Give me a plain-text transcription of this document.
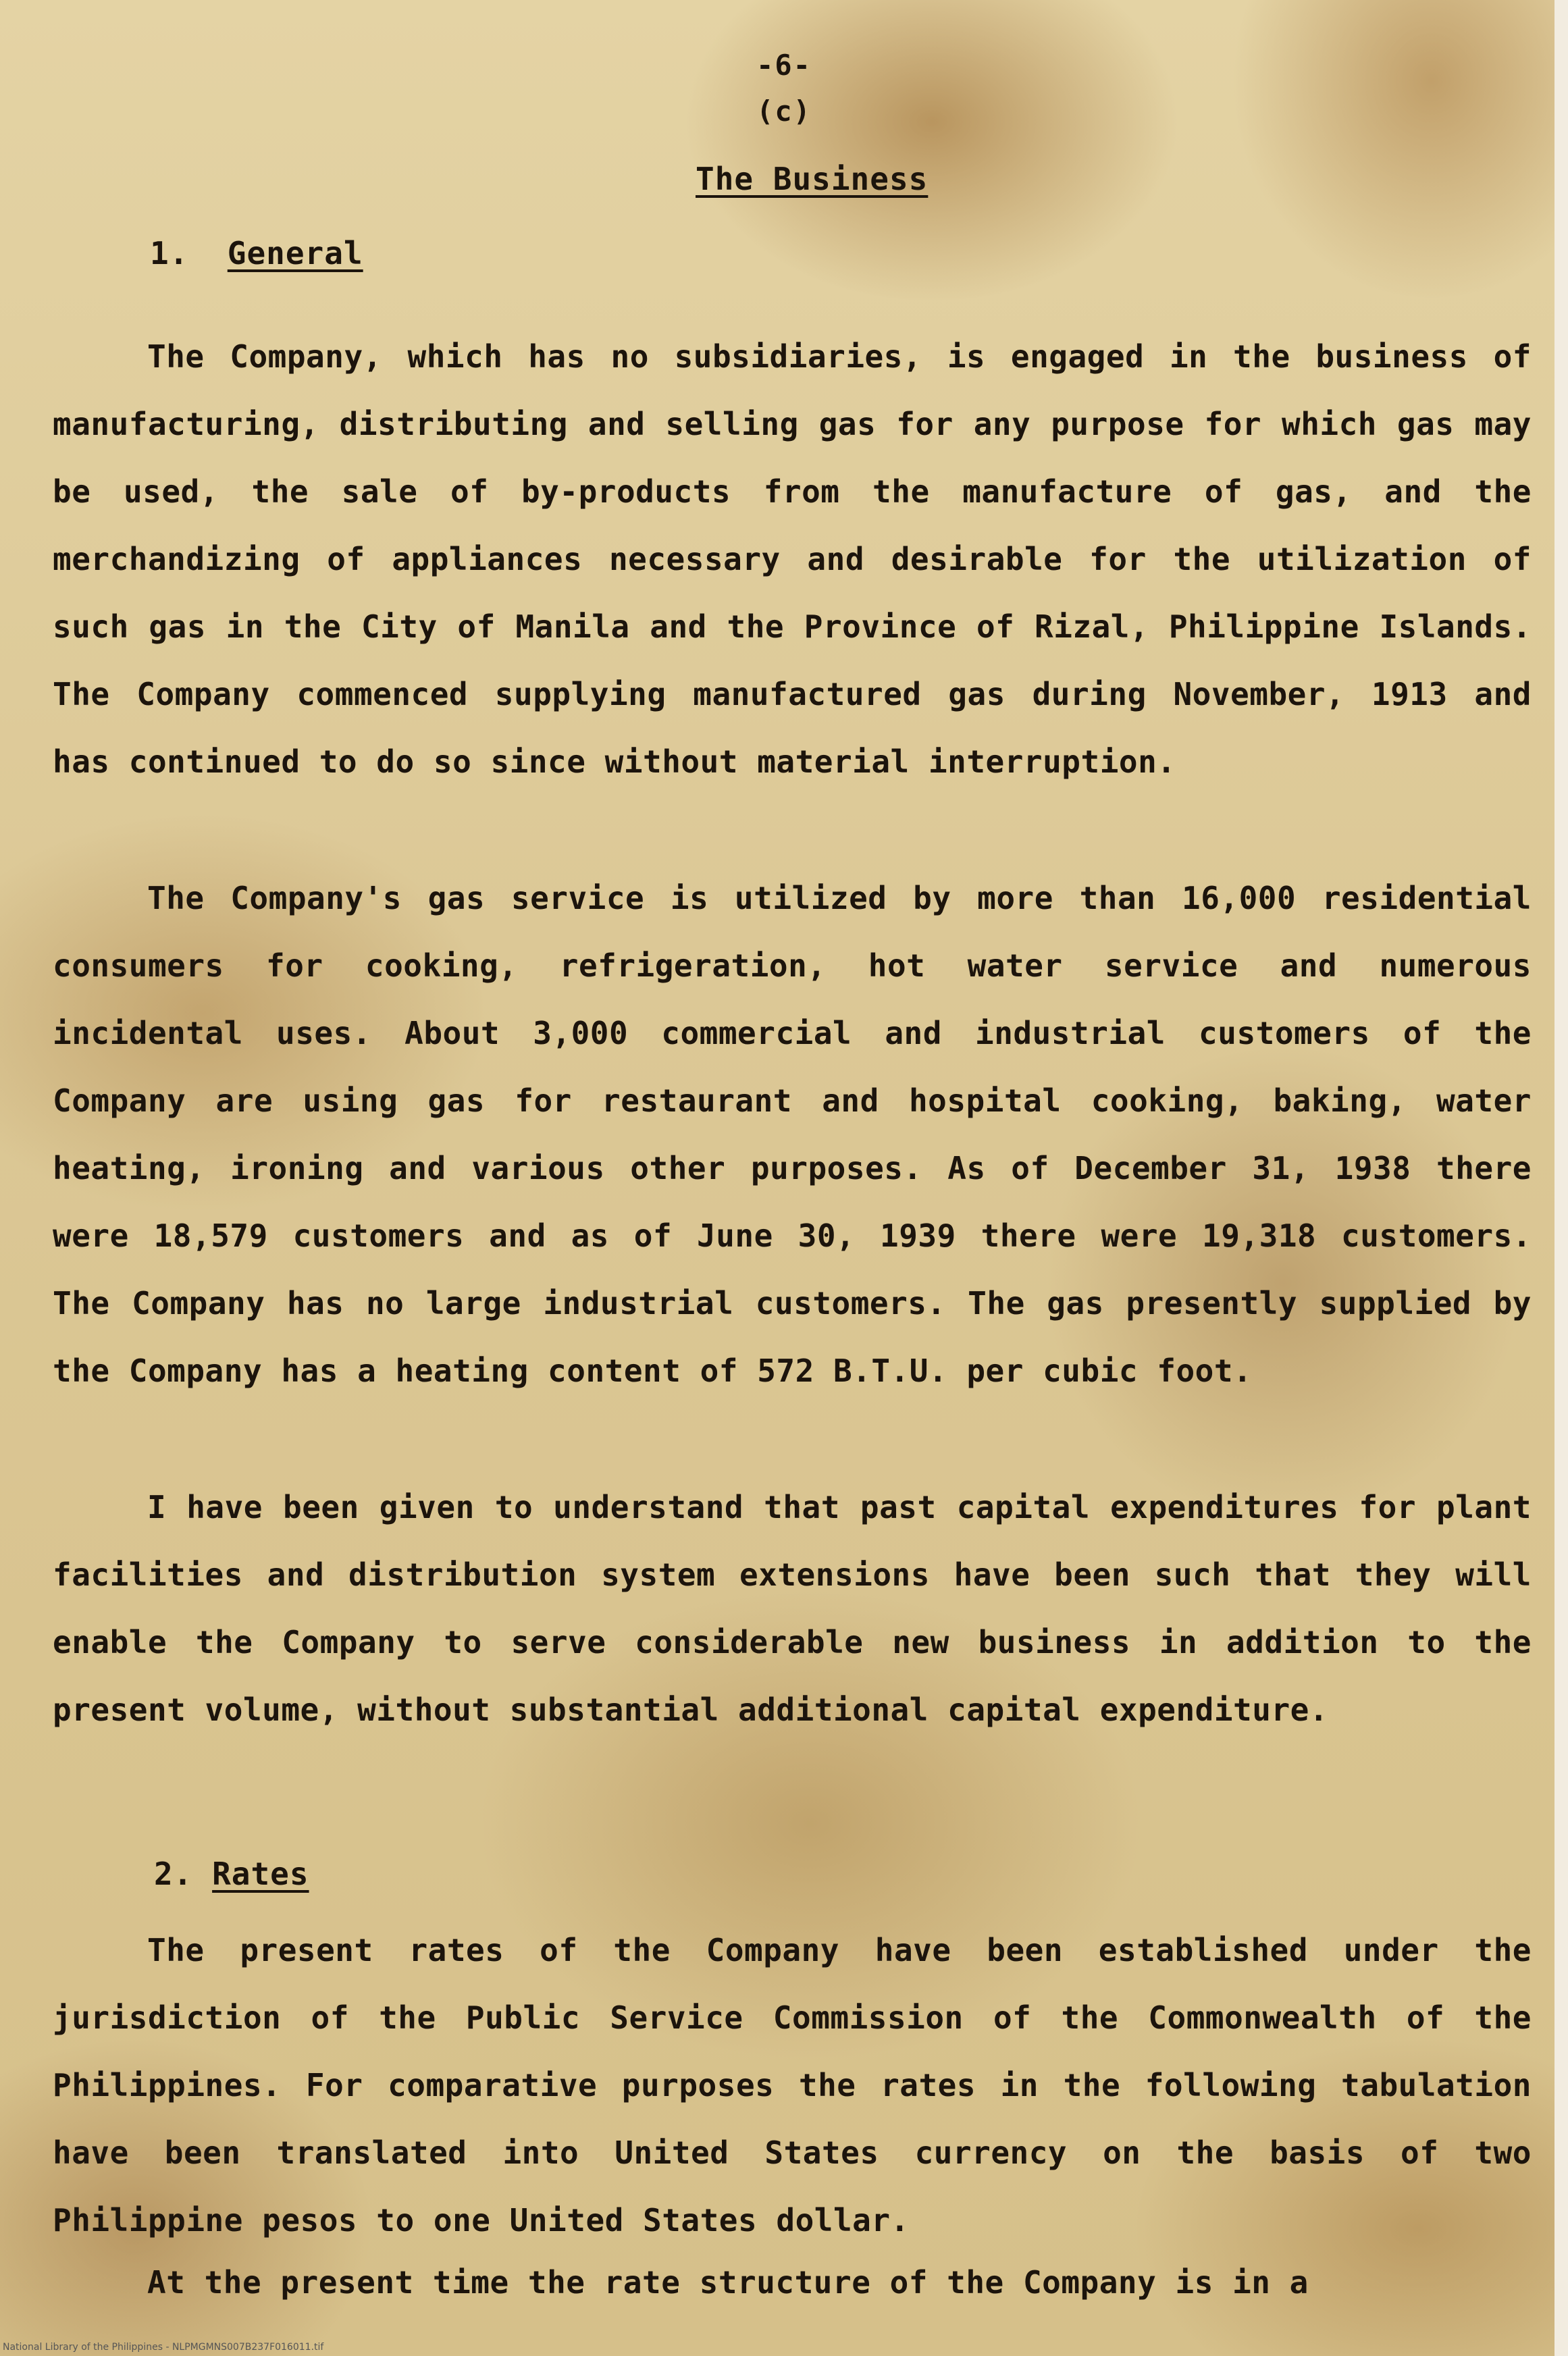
-6-
(c)
The Business
1. General

The Company, which has no subsidiaries, is engaged in the business of manufacturing, distributing and selling gas for any purpose for which gas may be used, the sale of by-products from the manufacture of gas, and the merchandizing of appliances necessary and desirable for the utilization of such gas in the City of Manila and the Province of Rizal, Philippine Islands. The Company commenced supplying manufactured gas during November, 1913 and has continued to do so since without material interruption.

The Company's gas service is utilized by more than 16,000 residential consumers for cooking, refrigeration, hot water service and numerous incidental uses. About 3,000 commercial and industrial customers of the Company are using gas for restaurant and hospital cooking, baking, water heating, ironing and various other purposes. As of December 31, 1938 there were 18,579 customers and as of June 30, 1939 there were 19,318 customers. The Company has no large industrial customers. The gas presently supplied by the Company has a heating content of 572 B.T.U. per cubic foot.

I have been given to understand that past capital expenditures for plant facilities and distribution system extensions have been such that they will enable the Company to serve considerable new business in addition to the present volume, without substantial additional capital expenditure.

2. Rates

The present rates of the Company have been established under the jurisdiction of the Public Service Commission of the Commonwealth of the Philippines. For comparative purposes the rates in the following tabulation have been translated into United States currency on the basis of two Philippine pesos to one United States dollar.

At the present time the rate structure of the Company is in a

National Library of the Philippines - NLPMGMNS007B237F016011.tif
